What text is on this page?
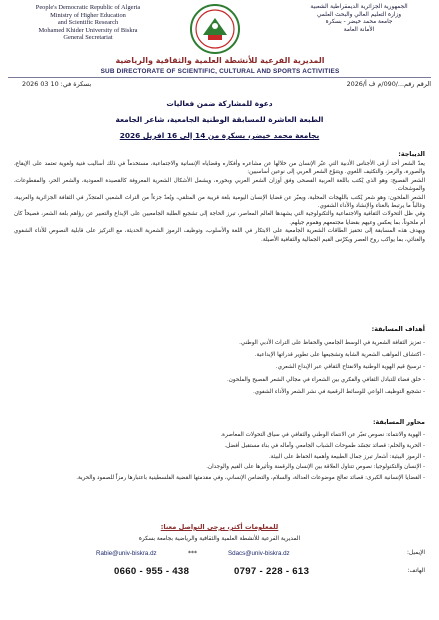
People's Democratic Republic of Algeria
Ministry of Higher Education
and Scientific Research
Mohamed Khider University of Biskra
General Secretariat
الجمهورية الجزائرية الديمقراطية الشعبية
وزارة التعليم العالي والبحث العلمي
جامعة محمد خيضر - بسكرة
الأمانة العامة
المديرية الفرعية للأنشطة العلمية والثقافية والرياضية
SUB DIRECTORATE OF SCIENTIFIC, CULTURAL AND SPORTS ACTIVITIES
الرقم رقم.../090/م ف أ/2026
بسكرة في: 10 03 2026
دعوة للمشاركة ضمن فعاليات
الطبعة العاشرة للمسابقة الوطنية الجامعية، شاعر الجامعة
بجامعة محمد خيضر، بسكرة من 14 إلى 16 افريل 2026
الديباجة:

يعدّ الشعر أحد أرقى الأجناس الأدبية التي عبّر الإنسان من خلالها عن مشاعره وأفكاره وقضاياه الإنسانية والاجتماعية، مستخدماً في ذلك أساليب فنية ولغوية تعتمد على الإيقاع، والصورة، والرمز، والتكثيف اللغوي. ويتنوّع الشعر العربي إلى نوعين أساسيين:

الشعر الفصيح: وهو الذي يُكتب باللغة العربية الفصحى وفق أوزان الشعر العربي وبحوره، ويشمل الأشكال الشعرية المعروفة كالقصيدة العمودية، والشعر الحر، والمقطوعات، والموشحات.

الشعر الملحون: وهو شعر يُكتب باللهجات المحلية، ويعبّر عن قضايا الإنسان اليومية بلغة قريبة من المتلقي، ويُعدّ جزءاً من التراث الشعبي المتجذّر في الثقافة الجزائرية والعربية، وغالباً ما يرتبط بالغناء والإنشاد والأداء الشفوي.

وفي ظل التحولات الثقافية والاجتماعية والتكنولوجية التي يشهدها العالم المعاصر، تبرز الحاجة إلى تشجيع الطلبة الجامعيين على الإبداع والتعبير عن رؤاهم بلغة الشعر، فصيحاً كان أم ملحوناً، بما يعكس وعيهم بقضايا مجتمعهم وهموم جيلهم.

ويهدف هذه المسابقة إلى تحفيز الطاقات الشعرية الجامعية على الابتكار في اللغة والأسلوب، وتوظيف الرموز الشعرية الحديثة، مع التركيز على قابلية النصوص للأداء الشفوي والغنائي، بما يواكب روح العصر ويكرّس القيم الجمالية والثقافية الأصيلة.

أهداف المسابقة:
- تعزيز الثقافة الشعرية في الوسط الجامعي والحفاظ على التراث الأدبي الوطني.
- اكتشاف المواهب الشعرية الشابة وتشجيعها على تطوير قدراتها الإبداعية.
- ترسيخ قيم الهوية الوطنية والانفتاح الثقافي عبر الإبداع الشعري.
- خلق فضاء للتبادل الثقافي والفكري بين الشعراء في مجالي الشعر الفصيح والملحون.
- تشجيع التوظيف الواعي للوسائط الرقمية في نشر الشعر والأداء الشفوي.
محاور المسابقة:
- الهوية والانتماء: نصوص تعبّر عن الانتماء الوطني والثقافي في سياق التحولات المعاصرة.
- الحرية والحلم: قصائد تجسّد طموحات الشباب الجامعي وآماله في بناء مستقبل أفضل.
- الرموز البيئية: أشعار تبرز جمال الطبيعة وأهمية الحفاظ على البيئة.
- الإنسان والتكنولوجيا: نصوص تتناول العلاقة بين الإنسان والرقمنة وتأثيرها على القيم والوجدان.
- القضايا الإنسانية الكبرى: قصائد تعالج موضوعات العدالة، والسلام، والتضامن الإنساني، وفي مقدمتها القضية الفلسطينية باعتبارها رمزاً للصمود والحرية.
للمعلومات أكثر، يرجى التواصل معنا:
المديرية الفرعية للأنشطة العلمية والثقافية والرياضية بجامعة بسكرة
الإيميل:
Sdacs@univ-biskra.dz
***
Rabie@univ-biskra.dz
الهاتف:
0797 - 228 - 613
0660 - 955 - 438
